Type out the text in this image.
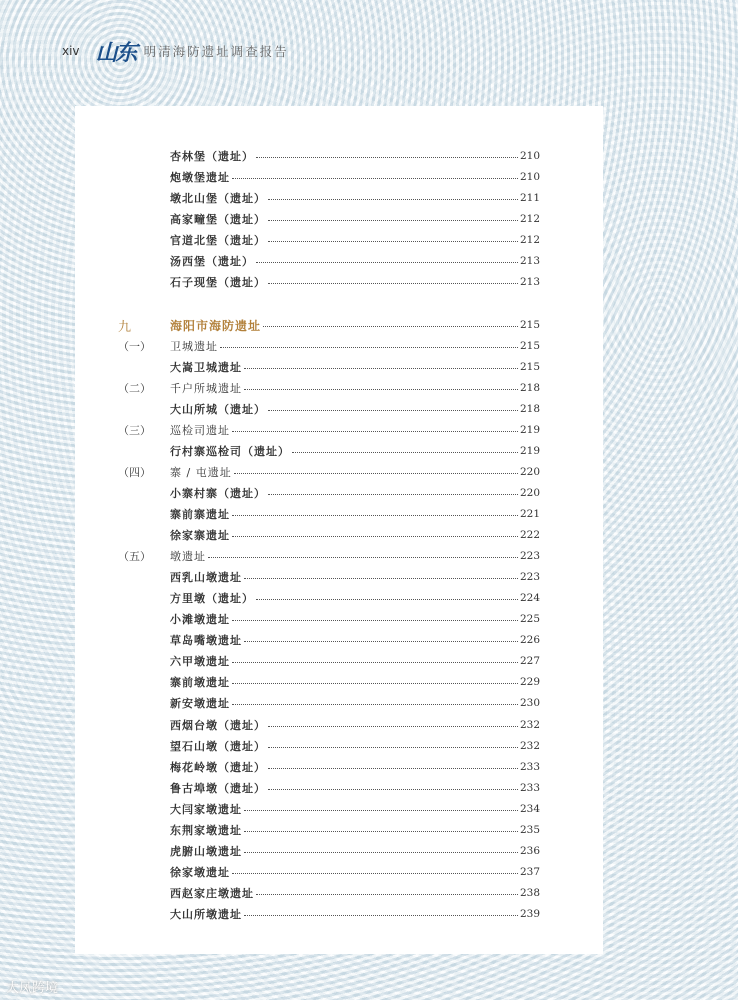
xiv 山东 明清海防遗址调查报告
杏林堡（遗址）	210
炮墩堡遗址	210
墩北山堡（遗址）	211
高家疃堡（遗址）	212
官道北堡（遗址）	212
汤西堡（遗址）	213
石子现堡（遗址）	213
九	海阳市海防遗址	215
（一）	卫城遗址	215
大嵩卫城遗址	215
（二）	千户所城遗址	218
大山所城（遗址）	218
（三）	巡检司遗址	219
行村寨巡检司（遗址）	219
（四）	寨 / 屯遗址	220
小寨村寨（遗址）	220
寨前寨遗址	221
徐家寨遗址	222
（五）	墩遗址	223
西乳山墩遗址	223
方里墩（遗址）	224
小滩墩遗址	225
草岛嘴墩遗址	226
六甲墩遗址	227
寨前墩遗址	229
新安墩遗址	230
西烟台墩（遗址）	232
望石山墩（遗址）	232
梅花岭墩（遗址）	233
鲁古埠墩（遗址）	233
大闫家墩遗址	234
东荆家墩遗址	235
虎腑山墩遗址	236
徐家墩遗址	237
西赵家庄墩遗址	238
大山所墩遗址	239
大凤跨境
